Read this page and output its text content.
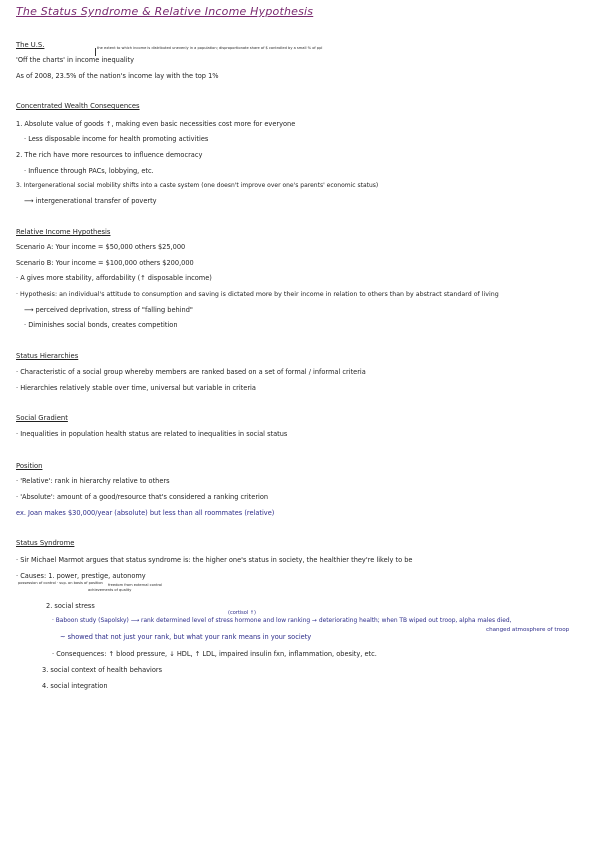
The Status Syndrome & Relative Income Hypothesis
The U.S.	the extent to which income is distributed unevenly in a population; disproportionate share of $ controlled by a small % of ppl
'Off the charts' in income inequality
As of 2008, 23.5% of the nation's income lay with the top 1%
Concentrated Wealth Consequences
1. Absolute value of goods ↑, making even basic necessities cost more for everyone
· Less disposable income for health promoting activities
2. The rich have more resources to influence democracy
· Influence through PACs, lobbying, etc.
3. Intergenerational social mobility shifts into a caste system (one doesn't improve over one's parents' economic status)
⟶ intergenerational transfer of poverty
Relative Income Hypothesis
Scenario A: Your income = $50,000 others $25,000
Scenario B: Your income = $100,000 others $200,000
· A gives more stability, affordability (↑ disposable income)
· Hypothesis: an individual's attitude to consumption and saving is dictated more by their income in relation to others than by abstract standard of living
⟶ perceived deprivation, stress of "falling behind"
· Diminishes social bonds, creates competition
Status Hierarchies
· Characteristic of a social group whereby members are ranked based on a set of formal / informal criteria
· Hierarchies relatively stable over time, universal but variable in criteria
Social Gradient
· Inequalities in population health status are related to inequalities in social status
Position
· 'Relative': rank in hierarchy relative to others
· 'Absolute': amount of a good/resource that's considered a ranking criterion
ex. Joan makes $30,000/year (absolute) but less than all roommates (relative)
Status Syndrome
· Sir Michael Marmot argues that status syndrome is: the higher one's status in society, the healthier they're likely to be
· Causes: 1. power, prestige, autonomy
possession of control · sup. on basis of position freedom from external control
achievements of quality
2. social stress
(cortisol ↑)
· Baboon study (Sapolsky) ⟶ rank determined level of stress hormone and low ranking → deteriorating health; when TB wiped out troop, alpha males died,
changed atmosphere of troop
~ showed that not just your rank, but what your rank means in your society
· Consequences: ↑ blood pressure, ↓ HDL, ↑ LDL, impaired insulin fxn, inflammation, obesity, etc.
3. social context of health behaviors
4. social integration
